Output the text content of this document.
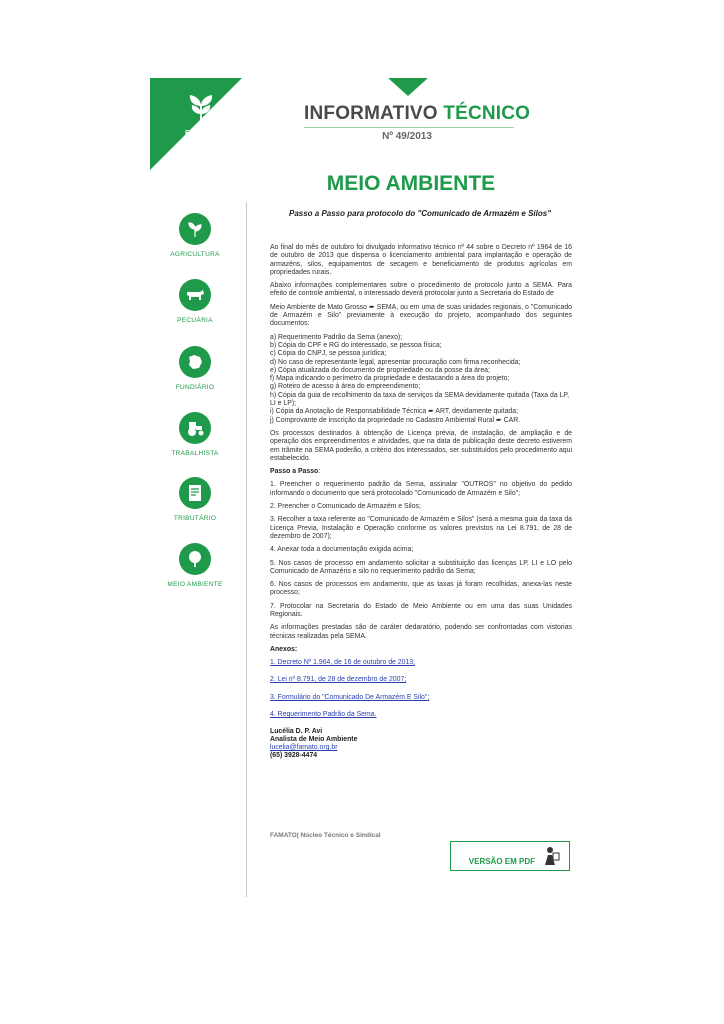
FAMATO
INFORMATIVO TÉCNICO
Nº 49/2013
MEIO AMBIENTE
Passo a Passo para protocolo do "Comunicado de Armazém e Silos"
AGRICULTURA
PECUÁRIA
FUNDIÁRIO
TRABALHISTA
TRIBUTÁRIO
MEIO AMBIENTE

Ao final do mês de outubro foi divulgado informativo técnico nº 44 sobre o Decreto nº 1964 de 16 de outubro de 2013 que dispensa o licenciamento ambiental para implantação e operação de armazéns, silos, equipamentos de secagem e beneficiamento de produtos agrícolas em propriedades rurais.

Abaixo informações complementares sobre o procedimento de protocolo junto a SEMA. Para efeito de controle ambiental, o interessado deverá protocolar junto a Secretaria do Estado de

Meio Ambiente de Mato Grosso ➨ SEMA, ou em uma de suas unidades regionais, o "Comunicado de Armazém e Silo" previamente à execução do projeto, acompanhado dos seguintes documentos:

a) Requerimento Padrão da Sema (anexo);

b) Cópia do CPF e RG do interessado, se pessoa física;

c) Cópia do CNPJ, se pessoa jurídica;

d) No caso de representante legal, apresentar procuração com firma reconhecida;

e) Cópia atualizada do documento de propriedade ou da posse da área;

f) Mapa indicando o perímetro da propriedade e destacando a área do projeto;

g) Roteiro de acesso à área do empreendimento;

h) Cópia da guia de recolhimento da taxa de serviços da SEMA devidamente quitada (Taxa da LP, LI e LP);

i) Cópia da Anotação de Responsabilidade Técnica ➨ ART, devidamente quitada;

j) Comprovante de inscrição da propriedade no Cadastro Ambiental Rural ➨ CAR.

Os processos destinados à obtenção de Licença prévia, de instalação, de ampliação e de operação dos empreendimentos e atividades, que na data de publicação deste decreto estiverem em trâmite na SEMA poderão, a critério dos interessados, ser substituídos pelo procedimento aqui estabelecido.

Passo a Passo:

1. Preencher o requerimento padrão da Sema, assinalar "OUTROS" no objetivo do pedido informando o documento que será protocolado "Comunicado de Armazém e Silo";

2. Preencher o Comunicado de Armazém e Silos;

3. Recolher a taxa referente ao "Comunicado de Armazém e Silos" (será a mesma guia da taxa da Licença Previa, Instalação e Operação conforme os valores previstos na Lei 8.791, de 28 de dezembro de 2007);

4. Anexar toda a documentação exigida acima;

5. Nos casos de processo em andamento solicitar a substituição das licenças LP, LI e LO pelo Comunicado de Armazéns e silo no requerimento padrão da Sema;

6. Nos casos de processos em andamento, que as taxas já foram recolhidas, anexa-las neste processo;

7. Protocolar na Secretaria do Estado de Meio Ambiente ou em uma das suas Unidades Regionais.

As informações prestadas são de caráter dedaratório, podendo ser confrontadas com vistorias técnicas realizadas pela SEMA.

Anexos:

1. Decreto Nº 1.964, de 16 de outubro de 2013;
2. Lei nº 8.791, de 28 de dezembro de 2007;
3. Formulário do "Comunicado De Armazém E Silo";
4. Requerimento Padrão da Sema.
Lucélia D. P. Avi
Analista de Meio Ambiente
lucelia@famato.org.br
(65) 3928-4474
FAMATO| Núcleo Técnico e Sindical
VERSÃO EM PDF
